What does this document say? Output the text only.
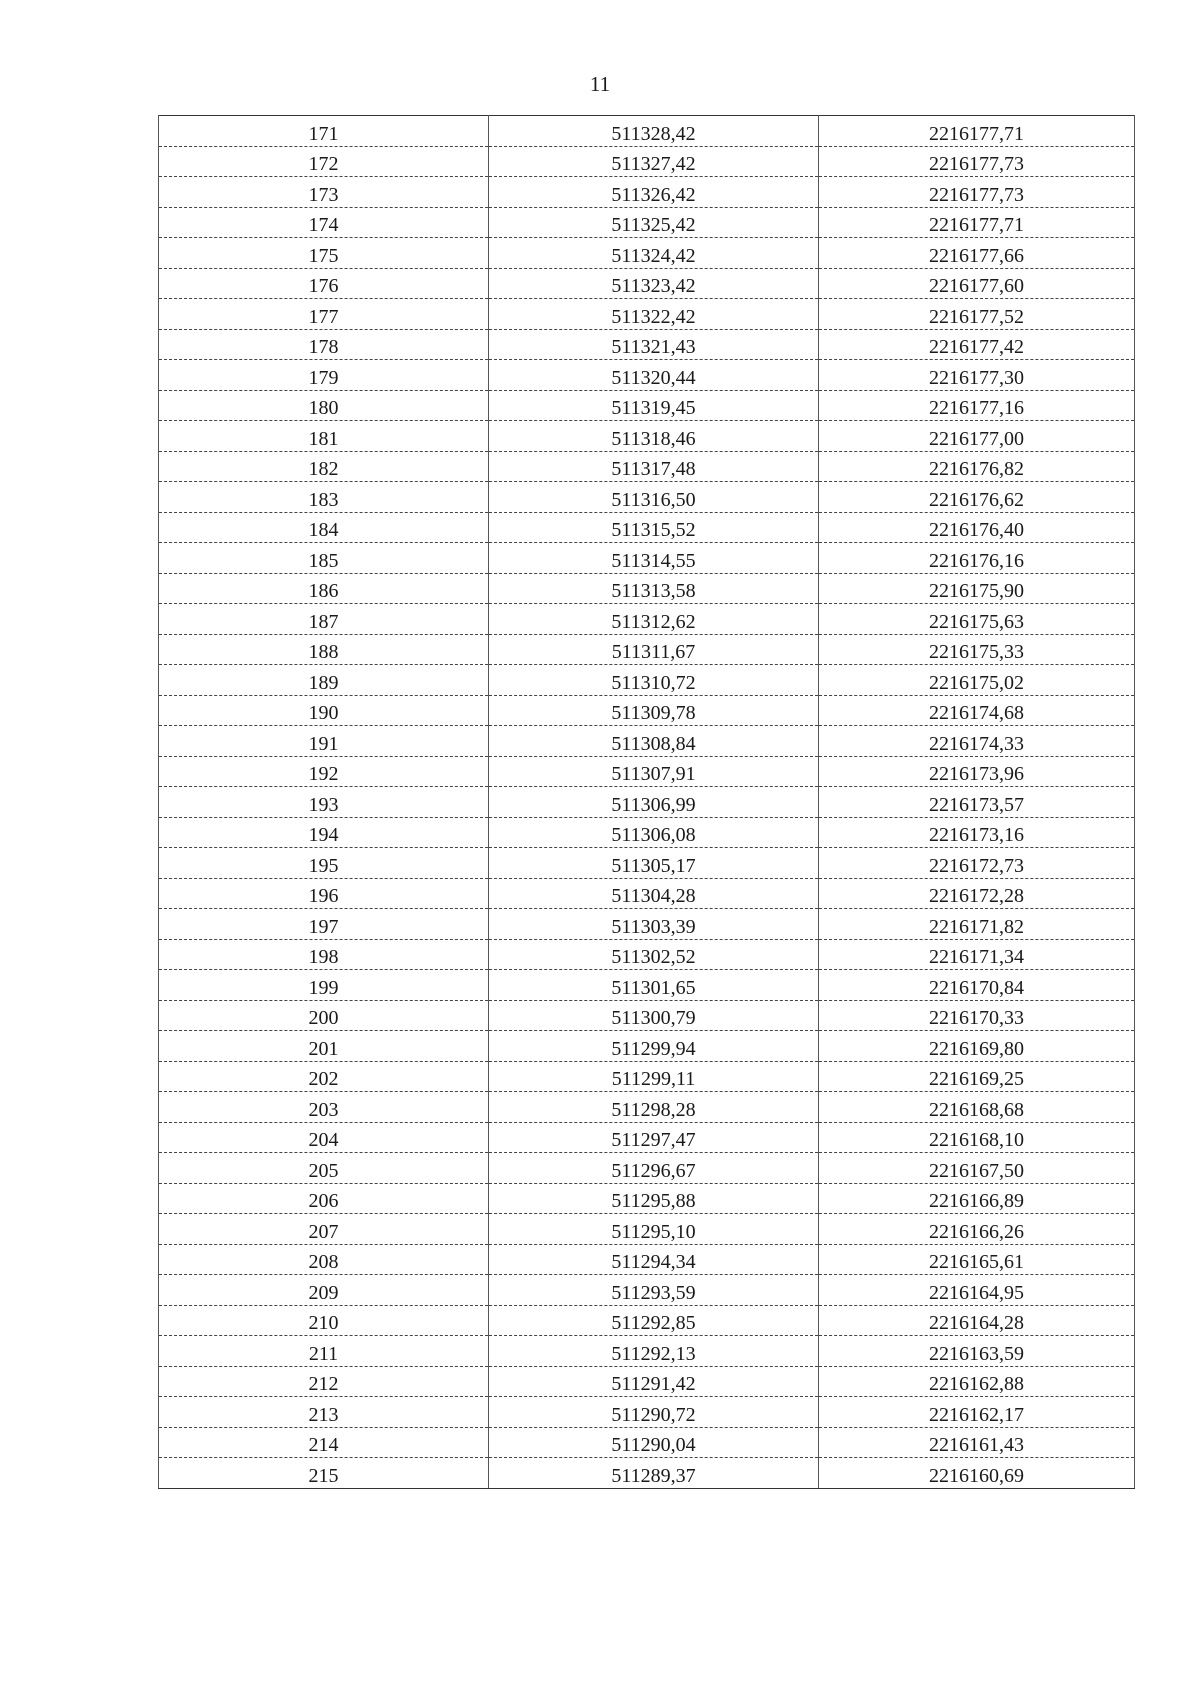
11
171	511328,42	2216177,71
172	511327,42	2216177,73
173	511326,42	2216177,73
174	511325,42	2216177,71
175	511324,42	2216177,66
176	511323,42	2216177,60
177	511322,42	2216177,52
178	511321,43	2216177,42
179	511320,44	2216177,30
180	511319,45	2216177,16
181	511318,46	2216177,00
182	511317,48	2216176,82
183	511316,50	2216176,62
184	511315,52	2216176,40
185	511314,55	2216176,16
186	511313,58	2216175,90
187	511312,62	2216175,63
188	511311,67	2216175,33
189	511310,72	2216175,02
190	511309,78	2216174,68
191	511308,84	2216174,33
192	511307,91	2216173,96
193	511306,99	2216173,57
194	511306,08	2216173,16
195	511305,17	2216172,73
196	511304,28	2216172,28
197	511303,39	2216171,82
198	511302,52	2216171,34
199	511301,65	2216170,84
200	511300,79	2216170,33
201	511299,94	2216169,80
202	511299,11	2216169,25
203	511298,28	2216168,68
204	511297,47	2216168,10
205	511296,67	2216167,50
206	511295,88	2216166,89
207	511295,10	2216166,26
208	511294,34	2216165,61
209	511293,59	2216164,95
210	511292,85	2216164,28
211	511292,13	2216163,59
212	511291,42	2216162,88
213	511290,72	2216162,17
214	511290,04	2216161,43
215	511289,37	2216160,69
